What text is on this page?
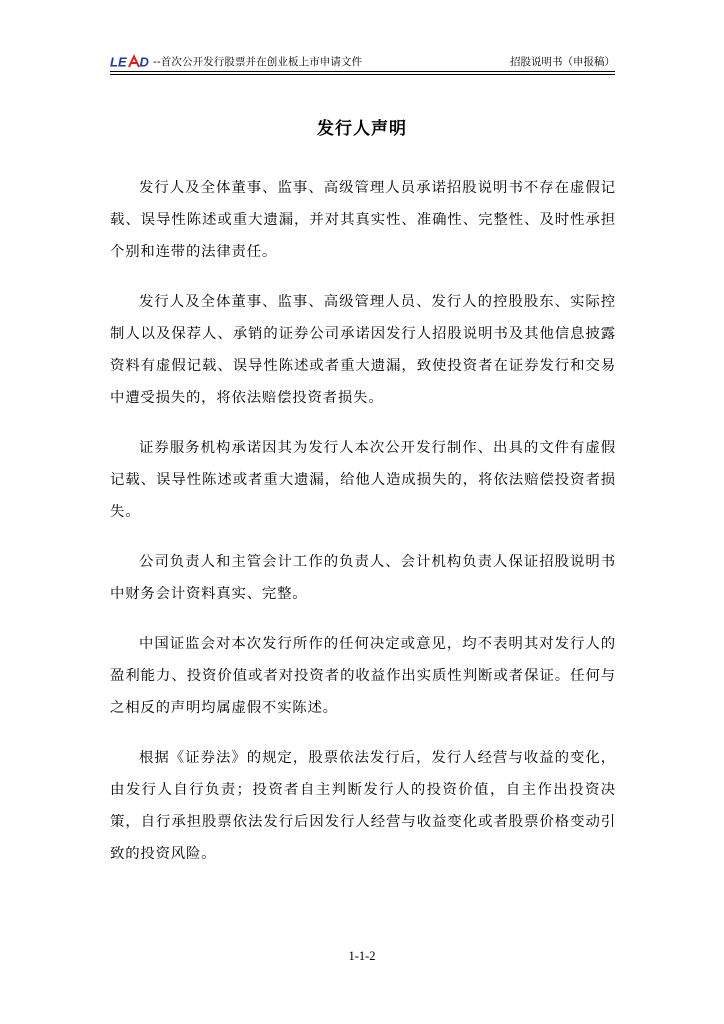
LE D --首次公开发行股票并在创业板上市申请文件	招股说明书（申报稿）
发行人声明

发行人及全体董事、监事、高级管理人员承诺招股说明书不存在虚假记载、误导性陈述或重大遗漏，并对其真实性、准确性、完整性、及时性承担个别和连带的法律责任。

发行人及全体董事、监事、高级管理人员、发行人的控股股东、实际控制人以及保荐人、承销的证券公司承诺因发行人招股说明书及其他信息披露资料有虚假记载、误导性陈述或者重大遗漏，致使投资者在证券发行和交易中遭受损失的，将依法赔偿投资者损失。

证券服务机构承诺因其为发行人本次公开发行制作、出具的文件有虚假记载、误导性陈述或者重大遗漏，给他人造成损失的，将依法赔偿投资者损失。

公司负责人和主管会计工作的负责人、会计机构负责人保证招股说明书中财务会计资料真实、完整。

中国证监会对本次发行所作的任何决定或意见，均不表明其对发行人的盈利能力、投资价值或者对投资者的收益作出实质性判断或者保证。任何与之相反的声明均属虚假不实陈述。

根据《证券法》的规定，股票依法发行后，发行人经营与收益的变化，由发行人自行负责；投资者自主判断发行人的投资价值，自主作出投资决策，自行承担股票依法发行后因发行人经营与收益变化或者股票价格变动引致的投资风险。

1-1-2
